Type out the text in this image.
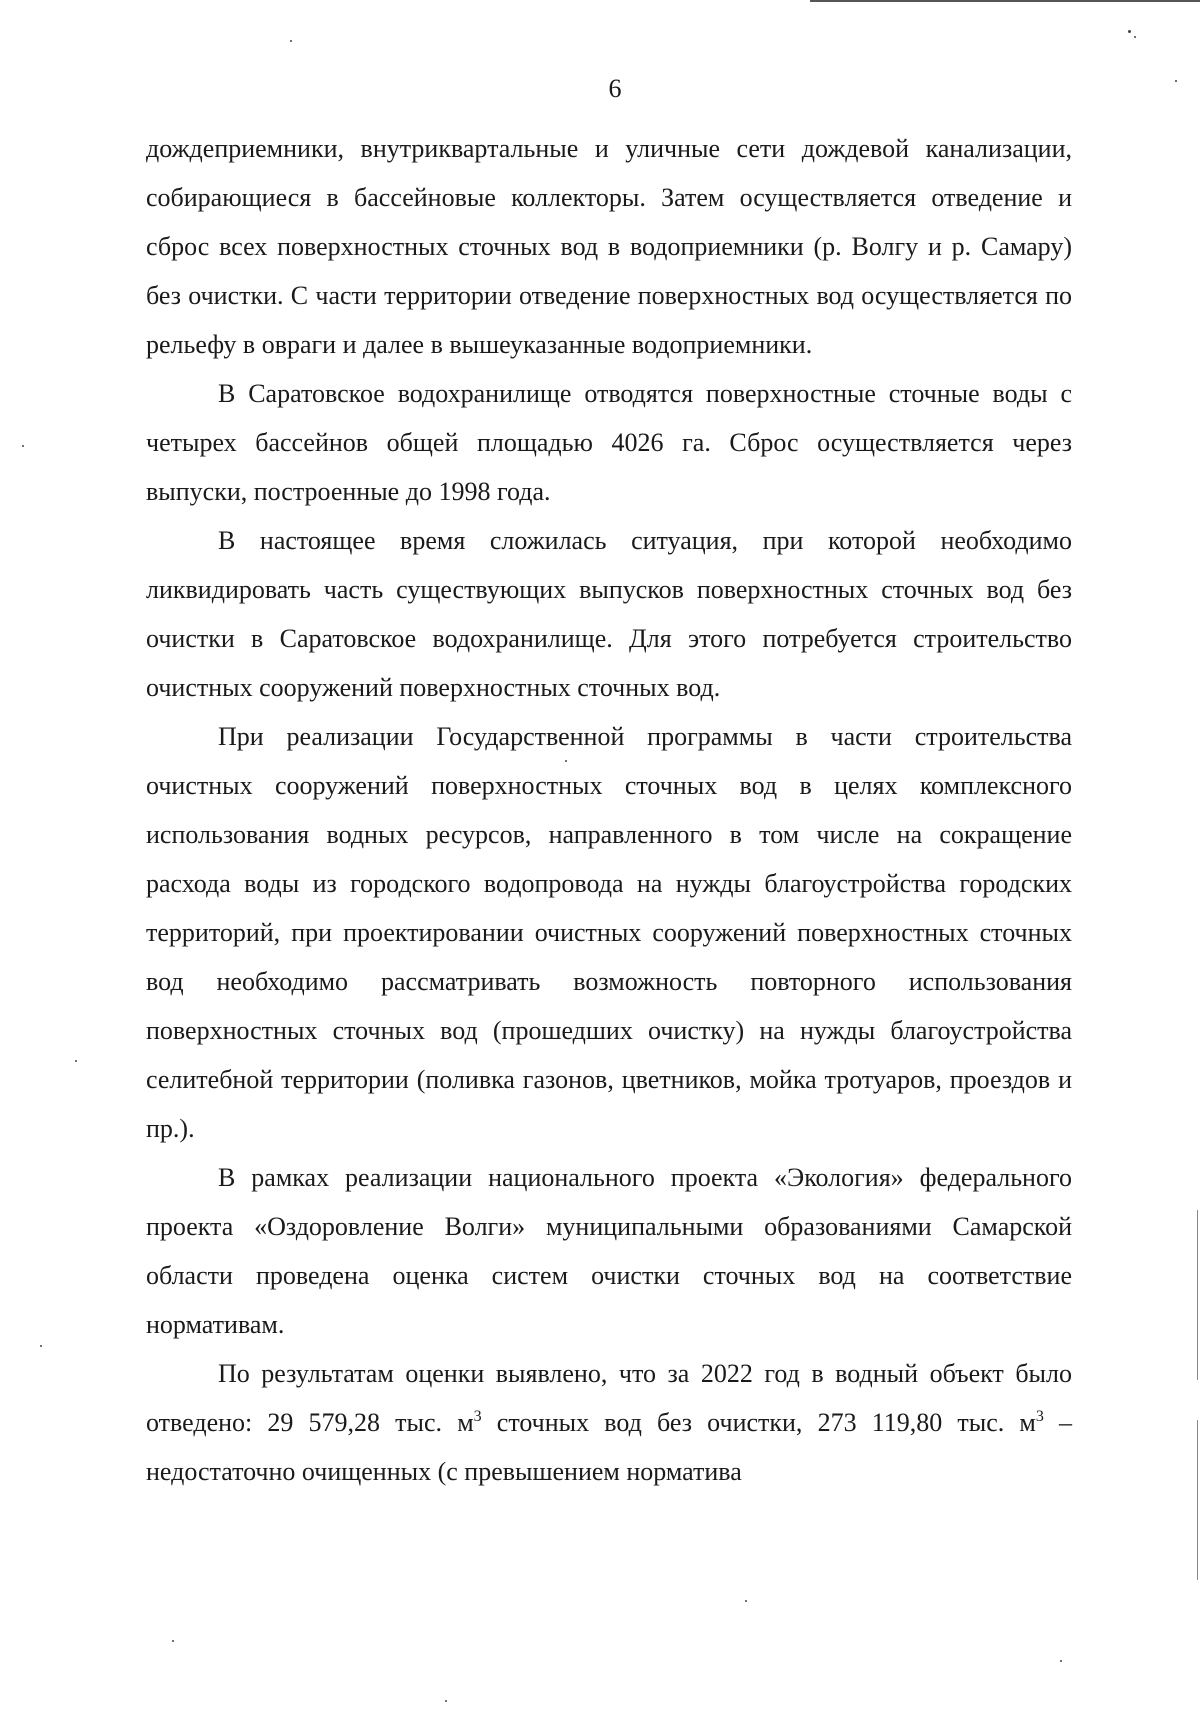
6

дождеприемники, внутриквартальные и уличные сети дождевой канализации, собирающиеся в бассейновые коллекторы. Затем осуществляется отведение и сброс всех поверхностных сточных вод в водоприемники (р. Волгу и р. Самару) без очистки. С части территории отведение поверхностных вод осуществляется по рельефу в овраги и далее в вышеуказанные водоприемники.

В Саратовское водохранилище отводятся поверхностные сточные воды с четырех бассейнов общей площадью 4026 га. Сброс осуществляется через выпуски, построенные до 1998 года.

В настоящее время сложилась ситуация, при которой необходимо ликвидировать часть существующих выпусков поверхностных сточных вод без очистки в Саратовское водохранилище. Для этого потребуется строительство очистных сооружений поверхностных сточных вод.

При реализации Государственной программы в части строительства очистных сооружений поверхностных сточных вод в целях комплексного использования водных ресурсов, направленного в том числе на сокращение расхода воды из городского водопровода на нужды благоустройства городских территорий, при проектировании очистных сооружений поверхностных сточных вод необходимо рассматривать возможность повторного использования поверхностных сточных вод (прошедших очистку) на нужды благоустройства селитебной территории (поливка газонов, цветников, мойка тротуаров, проездов и пр.).

В рамках реализации национального проекта «Экология» федерального проекта «Оздоровление Волги» муниципальными образованиями Самарской области проведена оценка систем очистки сточных вод на соответствие нормативам.

По результатам оценки выявлено, что за 2022 год в водный объект было отведено: 29 579,28 тыс. $м^3$ сточных вод без очистки, 273 119,80 тыс. $м^3$ – недостаточно очищенных (с превышением норматива
